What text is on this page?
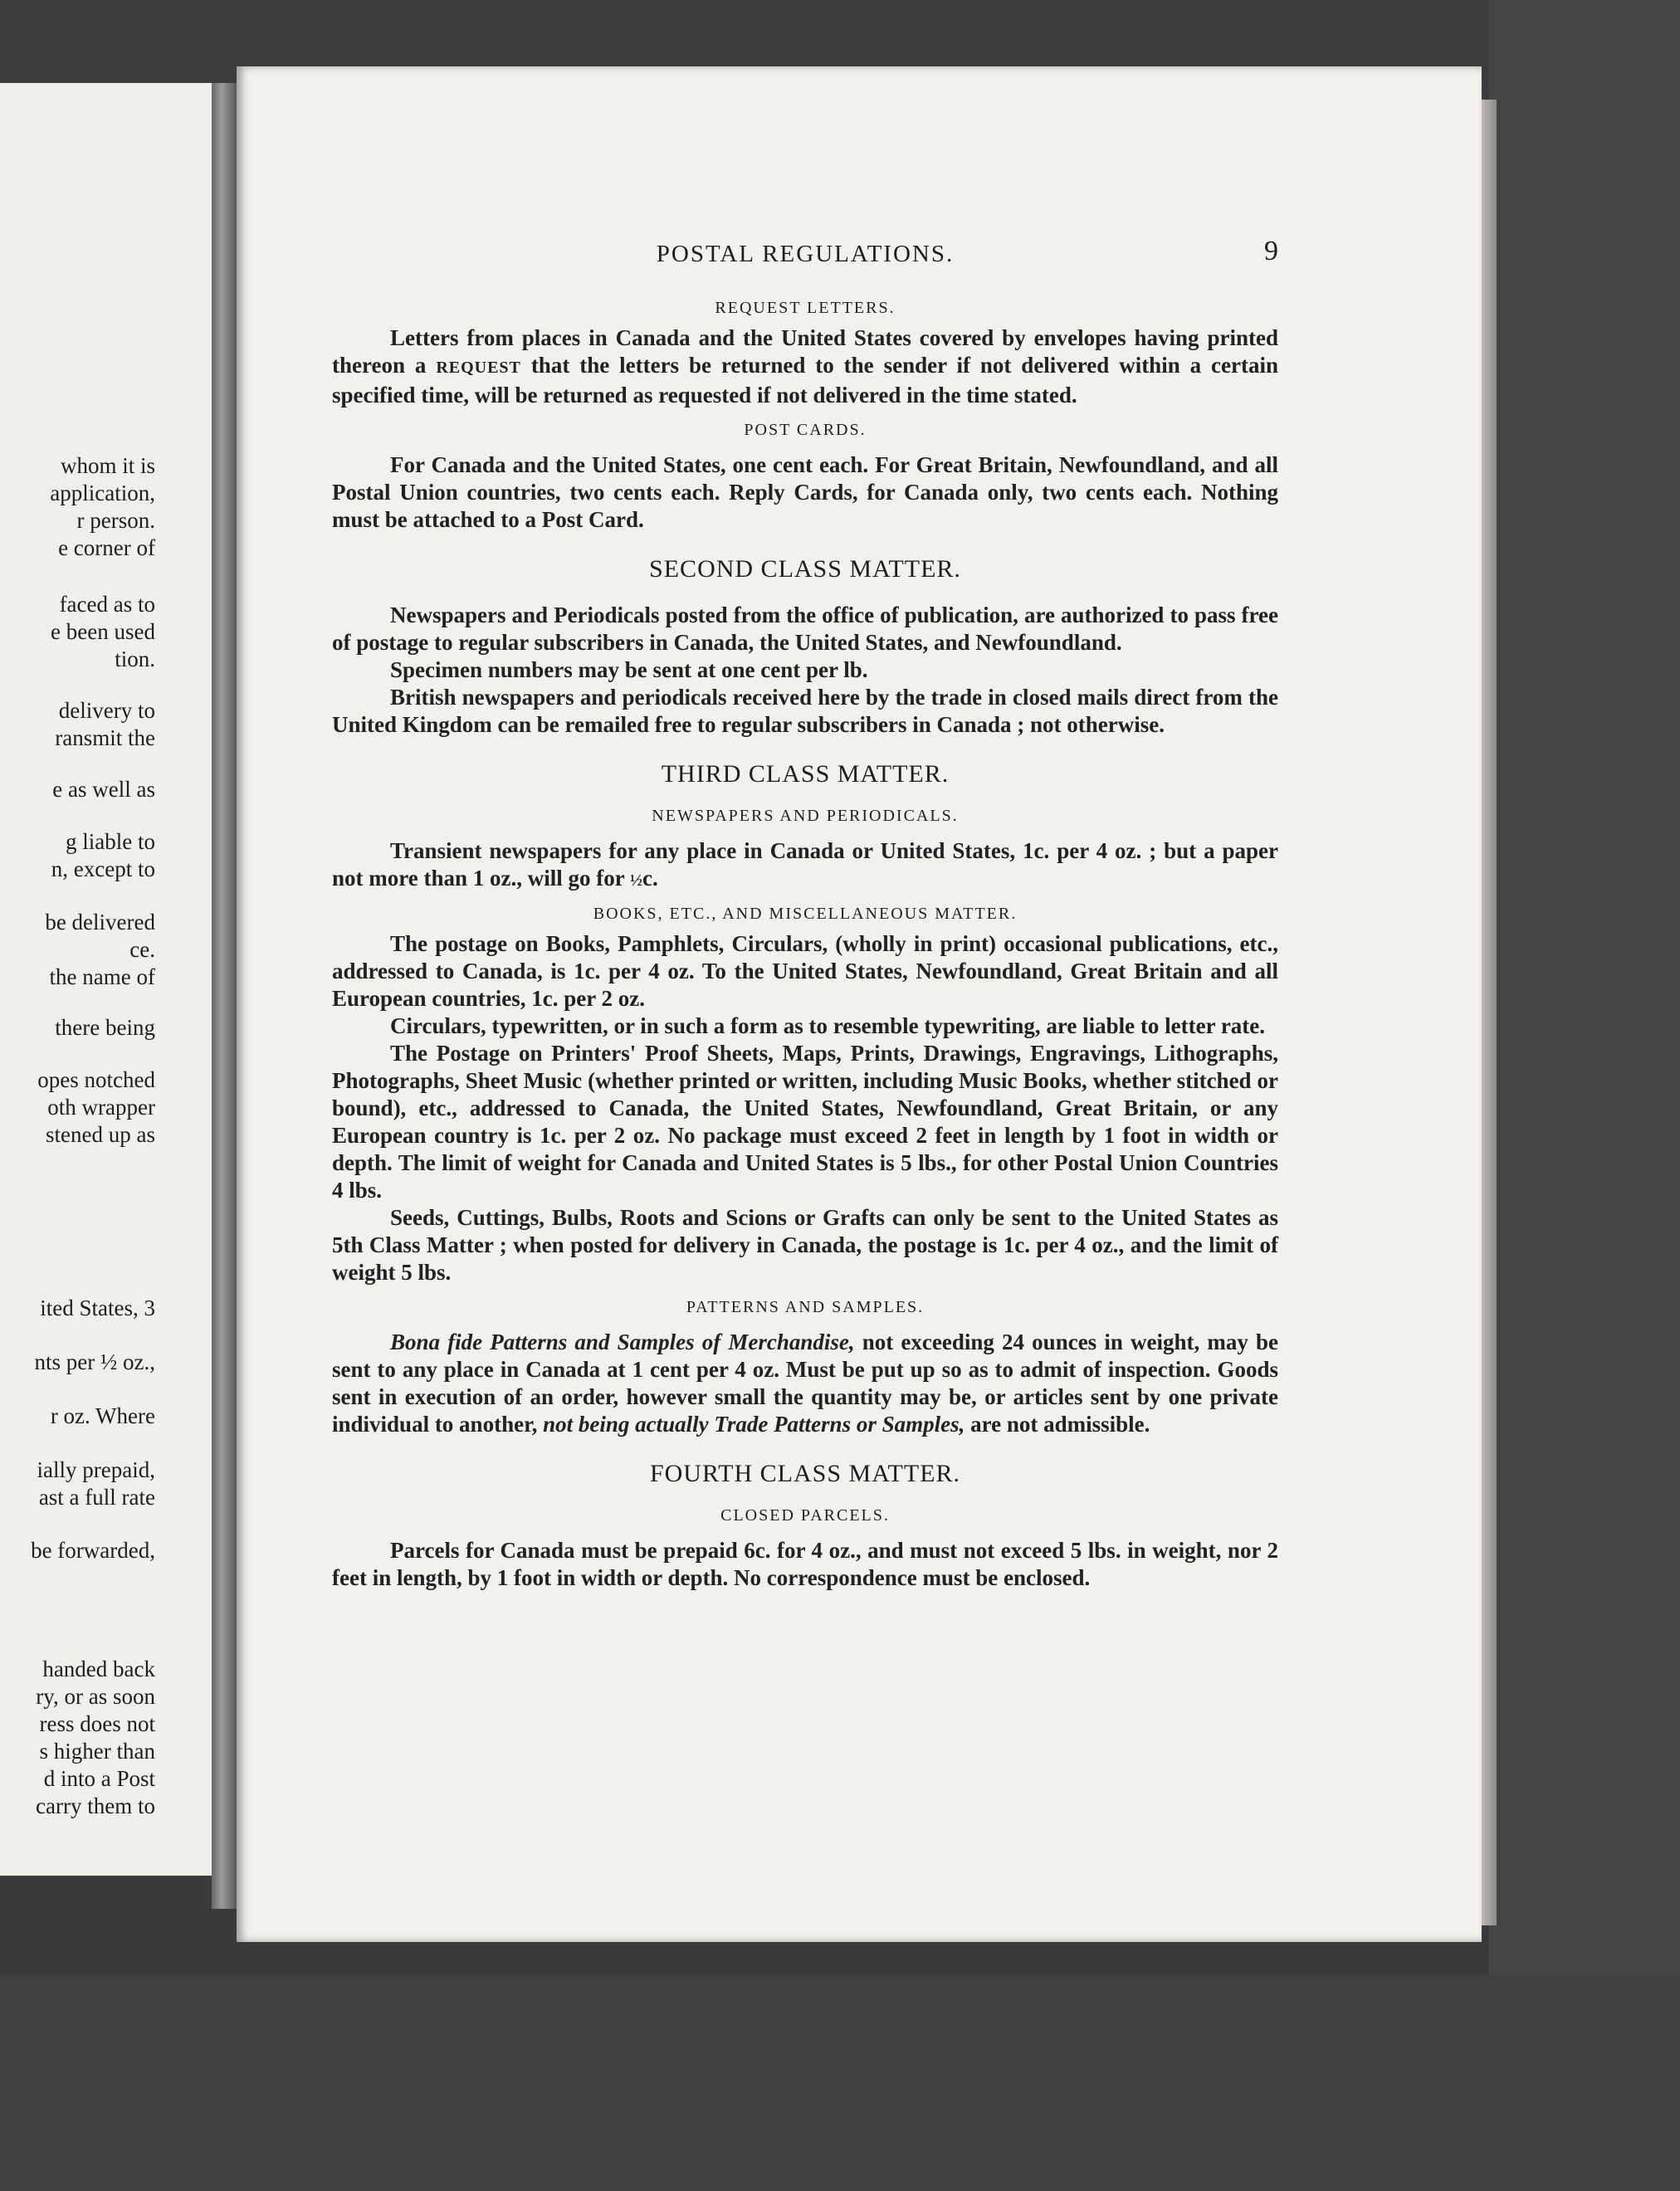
whom it is
application,
r person.
e corner of
faced as to
e been used
tion.
delivery to
ransmit the
e as well as
g liable to
n, except to
be delivered
ce.
the name of
there being
opes notched
oth wrapper
stened up as
ited States, 3
nts per ½ oz.,
r oz. Where
ially prepaid,
ast a full rate
be forwarded,
handed back
ry, or as soon
ress does not
s higher than
d into a Post
carry them to
POSTAL REGULATIONS.	9
REQUEST LETTERS.

Letters from places in Canada and the United States covered by envelopes having printed thereon a REQUEST that the letters be returned to the sender if not delivered within a certain specified time, will be returned as requested if not delivered in the time stated.

POST CARDS.

For Canada and the United States, one cent each. For Great Britain, Newfoundland, and all Postal Union countries, two cents each. Reply Cards, for Canada only, two cents each. Nothing must be attached to a Post Card.

SECOND CLASS MATTER.

Newspapers and Periodicals posted from the office of publication, are authorized to pass free of postage to regular subscribers in Canada, the United States, and Newfoundland.

Specimen numbers may be sent at one cent per lb.

British newspapers and periodicals received here by the trade in closed mails direct from the United Kingdom can be remailed free to regular subscribers in Canada ; not otherwise.

THIRD CLASS MATTER.
NEWSPAPERS AND PERIODICALS.

Transient newspapers for any place in Canada or United States, 1c. per 4 oz. ; but a paper not more than 1 oz., will go for ½c.

BOOKS, ETC., AND MISCELLANEOUS MATTER.

The postage on Books, Pamphlets, Circulars, (wholly in print) occasional publications, etc., addressed to Canada, is 1c. per 4 oz. To the United States, Newfoundland, Great Britain and all European countries, 1c. per 2 oz.

Circulars, typewritten, or in such a form as to resemble typewriting, are liable to letter rate.

The Postage on Printers' Proof Sheets, Maps, Prints, Drawings, Engravings, Lithographs, Photographs, Sheet Music (whether printed or written, including Music Books, whether stitched or bound), etc., addressed to Canada, the United States, Newfoundland, Great Britain, or any European country is 1c. per 2 oz. No package must exceed 2 feet in length by 1 foot in width or depth. The limit of weight for Canada and United States is 5 lbs., for other Postal Union Countries 4 lbs.

Seeds, Cuttings, Bulbs, Roots and Scions or Grafts can only be sent to the United States as 5th Class Matter ; when posted for delivery in Canada, the postage is 1c. per 4 oz., and the limit of weight 5 lbs.

PATTERNS AND SAMPLES.

Bona fide Patterns and Samples of Merchandise, not exceeding 24 ounces in weight, may be sent to any place in Canada at 1 cent per 4 oz. Must be put up so as to admit of inspection. Goods sent in execution of an order, however small the quantity may be, or articles sent by one private individual to another, not being actually Trade Patterns or Samples, are not admissible.

FOURTH CLASS MATTER.
CLOSED PARCELS.

Parcels for Canada must be prepaid 6c. for 4 oz., and must not exceed 5 lbs. in weight, nor 2 feet in length, by 1 foot in width or depth. No correspondence must be enclosed.
